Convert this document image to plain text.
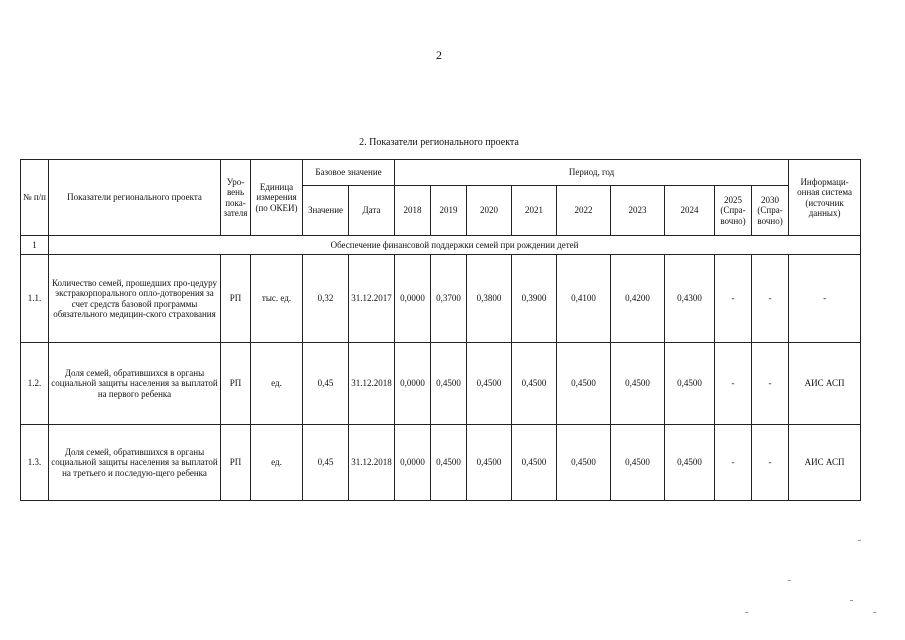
2
2. Показатели регионального проекта
№ п/п	Показатели регионального проекта	Уро-вень пока-зателя	Единица измерения (по ОКЕИ)	Базовое значение		Период, год									Информаци-онная система (источник данных)
				Значение	Дата	2018	2019	2020	2021	2022	2023	2024	2025 (Спра-вочно)	2030 (Спра-вочно)	
1	Обеспечение финансовой поддержки семей при рождении детей														
1.1.	Количество семей, прошедших про-цедуру экстракорпорального опло-дотворения за счет средств базовой программы обязательного медицин-ского страхования	РП	тыс. ед.	0,32	31.12.2017	0,0000	0,3700	0,3800	0,3900	0,4100	0,4200	0,4300	-	-	-
1.2.	Доля семей, обратившихся в органы социальной защиты населения за выплатой на первого ребенка	РП	ед.	0,45	31.12.2018	0,0000	0,4500	0,4500	0,4500	0,4500	0,4500	0,4500	-	-	АИС АСП
1.3.	Доля семей, обратившихся в органы социальной защиты населения за выплатой на третьего и последую-щего ребенка	РП	ед.	0,45	31.12.2018	0,0000	0,4500	0,4500	0,4500	0,4500	0,4500	0,4500	-	-	АИС АСП
